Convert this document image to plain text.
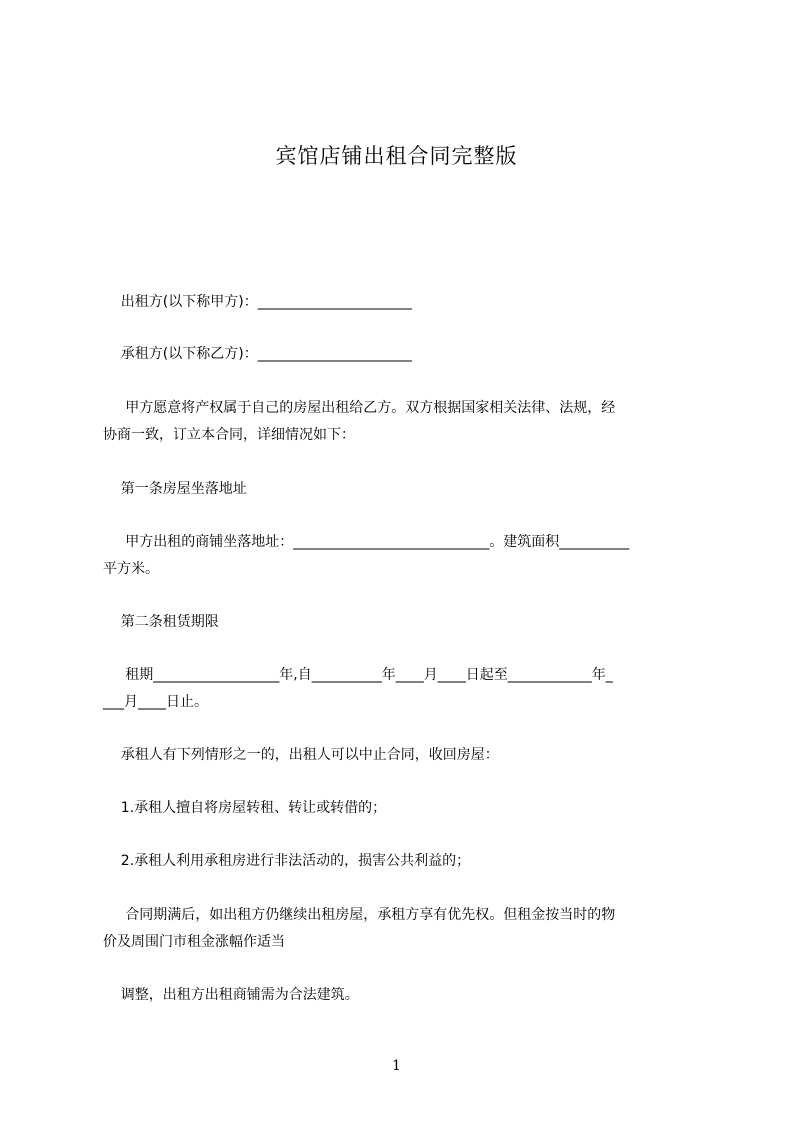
宾馆店铺出租合同完整版
出租方(以下称甲方)：______________________
承租方(以下称乙方)：______________________
甲方愿意将产权属于自己的房屋出租给乙方。双方根据国家相关法律、法规，经
协商一致，订立本合同，详细情况如下：
第一条房屋坐落地址
甲方出租的商铺坐落地址：____________________________。建筑面积__________
平方米。
第二条租赁期限
租期__________________年,自__________年____月____日起至____________年_
___月____日止。
承租人有下列情形之一的，出租人可以中止合同，收回房屋：
1.承租人擅自将房屋转租、转让或转借的；
2.承租人利用承租房进行非法活动的，损害公共利益的；
合同期满后，如出租方仍继续出租房屋，承租方享有优先权。但租金按当时的物
价及周围门市租金涨幅作适当
调整，出租方出租商铺需为合法建筑。
1
